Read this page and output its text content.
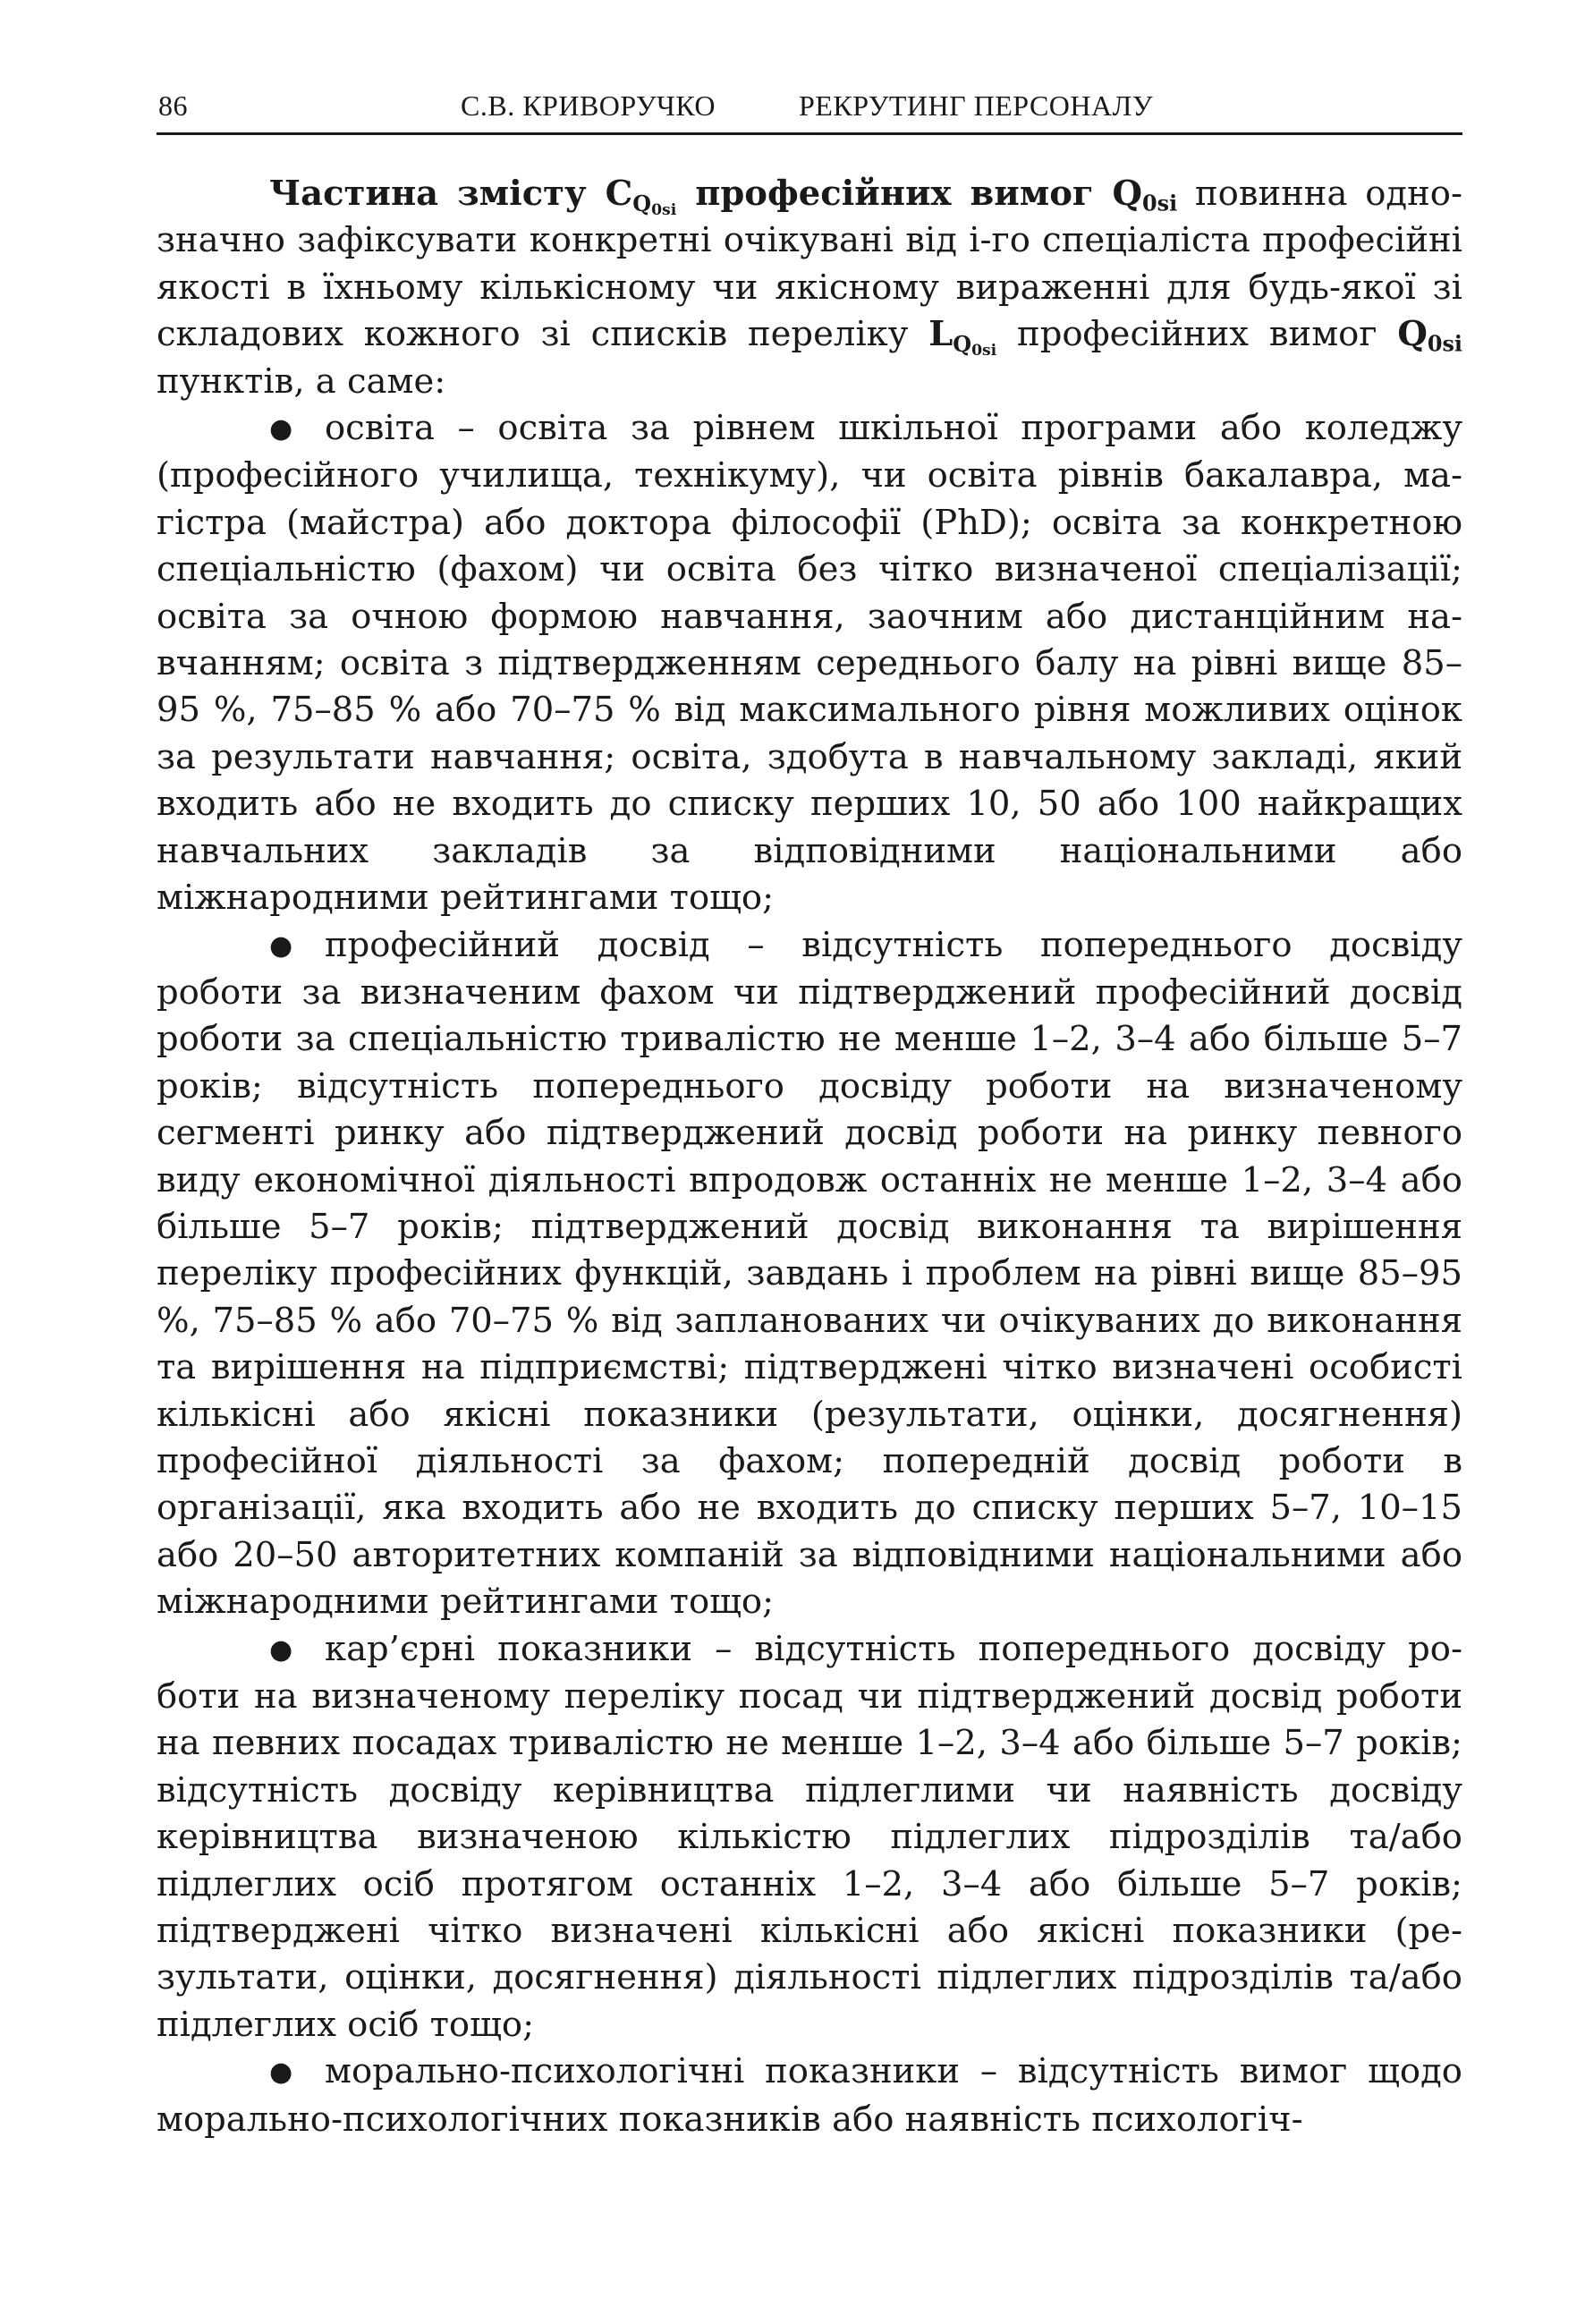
86	С.В. КРИВОРУЧКО	РЕКРУТИНГ ПЕРСОНАЛУ

Частина змісту $C_{Q0si}$ професійних вимог $Q_{0si}$ повинна однозначно зафіксувати конкретні очікувані від i-го спеціаліста професійні якості в їхньому кількісному чи якісному вираженні для будь-якої зі складових кожного зі списків переліку $L_{Q0si}$ професійних вимог $Q_{0si}$ пунктів, а саме:

● освіта – освіта за рівнем шкільної програми або коледжу (професійного училища, технікуму), чи освіта рівнів бакалавра, магістра (майстра) або доктора філософії (PhD); освіта за конкретною спеціальністю (фахом) чи освіта без чітко визначеної спеціалізації; освіта за очною формою навчання, заочним або дистанційним навчанням; освіта з підтвердженням середнього балу на рівні вище 85–95 %, 75–85 % або 70–75 % від максимального рівня можливих оцінок за результати навчання; освіта, здобута в навчальному закладі, який входить або не входить до списку перших 10, 50 або 100 найкращих навчальних закладів за відповідними національними або міжнародними рейтингами тощо;

● професійний досвід – відсутність попереднього досвіду роботи за визначеним фахом чи підтверджений професійний досвід роботи за спеціальністю тривалістю не менше 1–2, 3–4 або більше 5–7 років; відсутність попереднього досвіду роботи на визначеному сегменті ринку або підтверджений досвід роботи на ринку певного виду економічної діяльності впродовж останніх не менше 1–2, 3–4 або більше 5–7 років; підтверджений досвід виконання та вирішення переліку професійних функцій, завдань і проблем на рівні вище 85–95 %, 75–85 % або 70–75 % від запланованих чи очікуваних до виконання та вирішення на підприємстві; підтверджені чітко визначені особисті кількісні або якісні показники (результати, оцінки, досягнення) професійної діяльності за фахом; попередній досвід роботи в організації, яка входить або не входить до списку перших 5–7, 10–15 або 20–50 авторитетних компаній за відповідними національними або міжнародними рейтингами тощо;

● кар’єрні показники – відсутність попереднього досвіду роботи на визначеному переліку посад чи підтверджений досвід роботи на певних посадах тривалістю не менше 1–2, 3–4 або більше 5–7 років; відсутність досвіду керівництва підлеглими чи наявність досвіду керівництва визначеною кількістю підлеглих підрозділів та/або підлеглих осіб протягом останніх 1–2, 3–4 або більше 5–7 років; підтверджені чітко визначені кількісні або якісні показники (результати, оцінки, досягнення) діяльності підлеглих підрозділів та/або підлеглих осіб тощо;

● морально-психологічні показники – відсутність вимог щодо морально-психологічних показників або наявність психологіч-
